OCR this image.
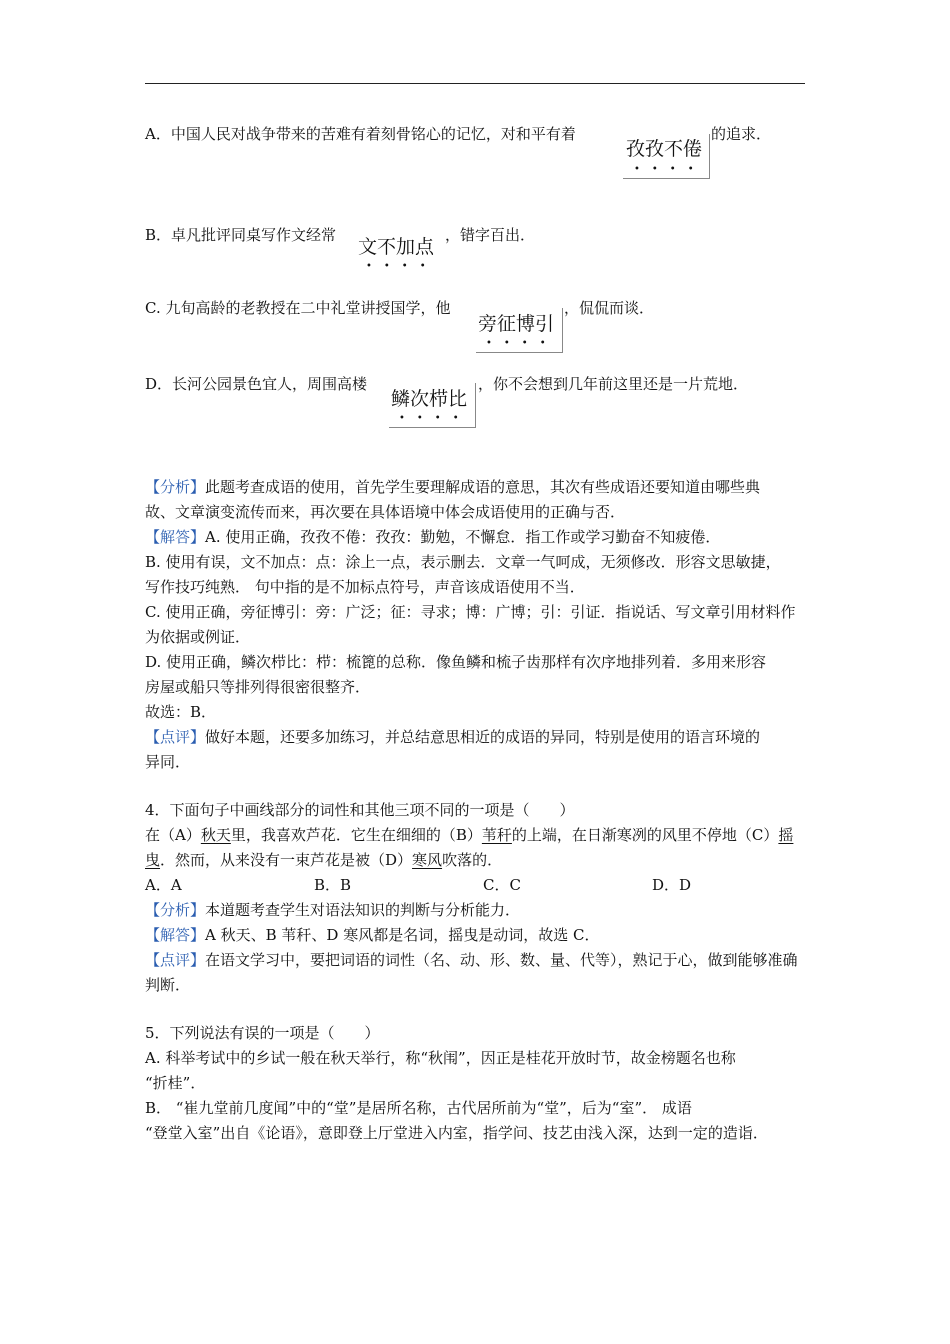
A．中国人民对战争带来的苦难有着刻骨铭心的记忆，对和平有着
孜孜不倦
••••
的追求．
B．卓凡批评同桌写作文经常
文不加点
••••
，错字百出．
C. 九旬高龄的老教授在二中礼堂讲授国学，他
旁征博引
••••
，侃侃而谈．
D．长河公园景色宜人，周围高楼
鳞次栉比
••••
，你不会想到几年前这里还是一片荒地．
【分析】此题考查成语的使用，首先学生要理解成语的意思，其次有些成语还要知道由哪些典
故、文章演变流传而来，再次要在具体语境中体会成语使用的正确与否．
【解答】A. 使用正确，孜孜不倦：孜孜：勤勉，不懈怠．指工作或学习勤奋不知疲倦．
B. 使用有误，文不加点：点：涂上一点，表示删去．文章一气呵成，无须修改．形容文思敏捷，
写作技巧纯熟． 句中指的是不加标点符号，声音该成语使用不当．
C. 使用正确，旁征博引：旁：广泛；征：寻求；博：广博；引：引证．指说话、写文章引用材料作
为依据或例证．
D. 使用正确，鳞次栉比：栉：梳篦的总称．像鱼鳞和梳子齿那样有次序地排列着．多用来形容
房屋或船只等排列得很密很整齐．
故选：B．
【点评】做好本题，还要多加练习，并总结意思相近的成语的异同，特别是使用的语言环境的
异同．
4．下面句子中画线部分的词性和其他三项不同的一项是（　　）
在（A）秋天里，我喜欢芦花．它生在细细的（B）苇秆的上端，在日渐寒冽的风里不停地（C）摇
曳．然而，从来没有一束芦花是被（D）寒风吹落的．
A．A	B．B	C．C	D．D
【分析】本道题考查学生对语法知识的判断与分析能力．
【解答】A 秋天、B 苇秆、D 寒风都是名词，摇曳是动词，故选 C．
【点评】在语文学习中，要把词语的词性（名、动、形、数、量、代等），熟记于心，做到能够准确
判断．
5．下列说法有误的一项是（　　）
A. 科举考试中的乡试一般在秋天举行，称“秋闱”，因正是桂花开放时节，故金榜题名也称
“折桂”．
B． “崔九堂前几度闻”中的“堂”是居所名称，古代居所前为“堂”，后为“室”． 成语
“登堂入室”出自《论语》，意即登上厅堂进入内室，指学问、技艺由浅入深，达到一定的造诣．
